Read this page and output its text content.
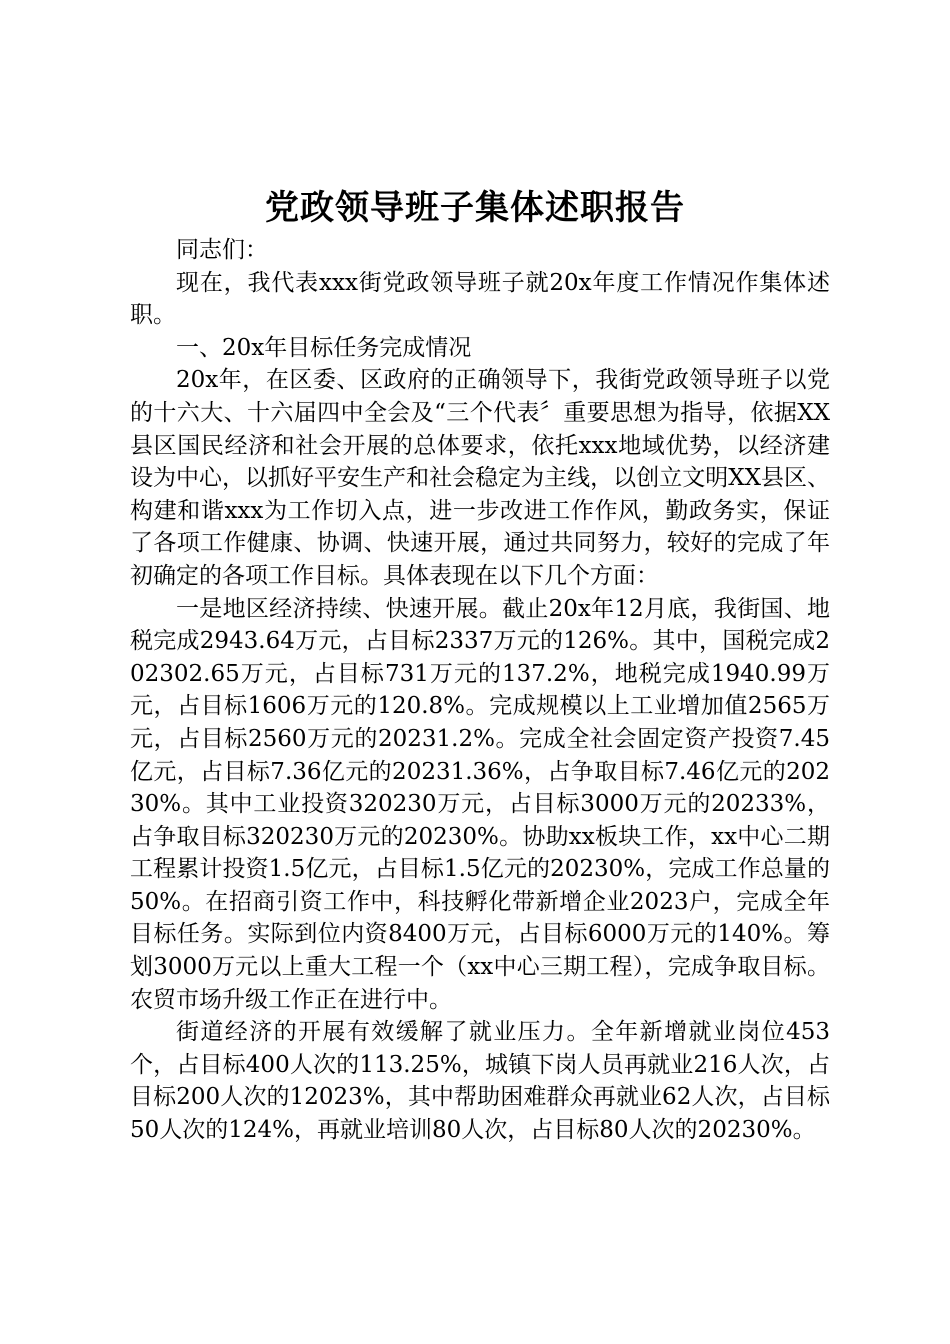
党政领导班子集体述职报告

同志们：

现在，我代表xxx街党政领导班子就20x年度工作情况作集体述职。

一、20x年目标任务完成情况

20x年，在区委、区政府的正确领导下，我街党政领导班子以党的十六大、十六届四中全会及“三个代表〞重要思想为指导，依据XX县区国民经济和社会开展的总体要求，依托xxx地域优势，以经济建设为中心，以抓好平安生产和社会稳定为主线，以创立文明XX县区、构建和谐xxx为工作切入点，进一步改进工作作风，勤政务实，保证了各项工作健康、协调、快速开展，通过共同努力，较好的完成了年初确定的各项工作目标。具体表现在以下几个方面：

一是地区经济持续、快速开展。截止20x年12月底，我街国、地税完成2943.64万元，占目标2337万元的126%。其中，国税完成202302.65万元，占目标731万元的137.2%，地税完成1940.99万元，占目标1606万元的120.8%。完成规模以上工业增加值2565万元，占目标2560万元的20231.2%。完成全社会固定资产投资7.45亿元，占目标7.36亿元的20231.36%，占争取目标7.46亿元的20230%。其中工业投资320230万元，占目标3000万元的20233%，占争取目标320230万元的20230%。协助xx板块工作，xx中心二期工程累计投资1.5亿元，占目标1.5亿元的20230%，完成工作总量的50%。在招商引资工作中，科技孵化带新增企业2023户，完成全年目标任务。实际到位内资8400万元，占目标6000万元的140%。筹划3000万元以上重大工程一个（xx中心三期工程），完成争取目标。农贸市场升级工作正在进行中。

街道经济的开展有效缓解了就业压力。全年新增就业岗位453个，占目标400人次的113.25%，城镇下岗人员再就业216人次，占目标200人次的12023%，其中帮助困难群众再就业62人次，占目标50人次的124%，再就业培训80人次，占目标80人次的20230%。
